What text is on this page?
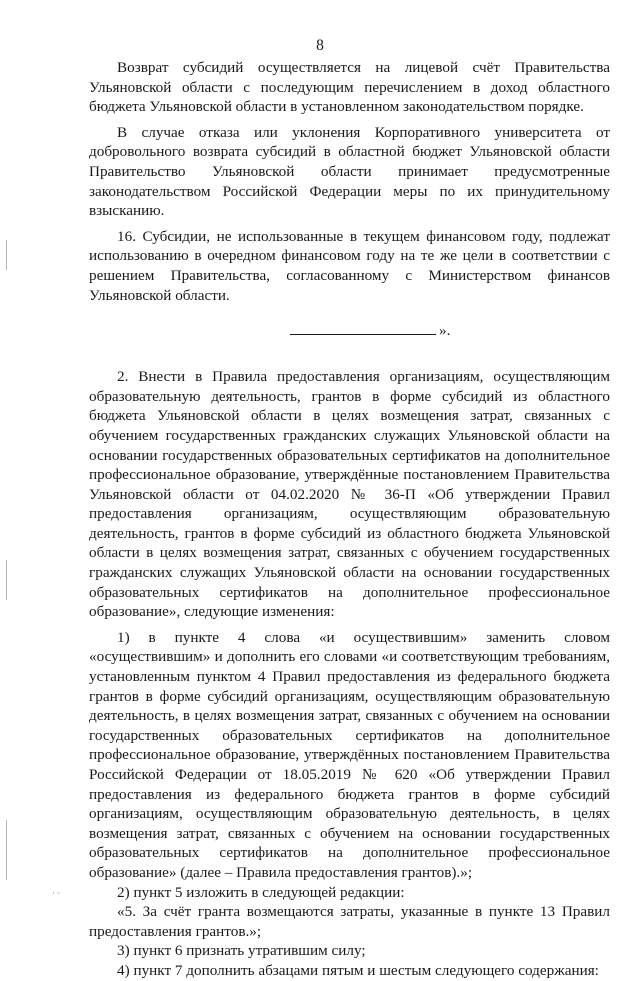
8

Возврат субсидий осуществляется на лицевой счёт Правительства Ульяновской области с последующим перечислением в доход областного бюджета Ульяновской области в установленном законодательством порядке.

В случае отказа или уклонения Корпоративного университета от добровольного возврата субсидий в областной бюджет Ульяновской области Правительство Ульяновской области принимает предусмотренные законодательством Российской Федерации меры по их принудительному взысканию.

16. Субсидии, не использованные в текущем финансовом году, подлежат использованию в очередном финансовом году на те же цели в соответствии с решением Правительства, согласованному с Министерством финансов Ульяновской области.

».

2. Внести в Правила предоставления организациям, осуществляющим образовательную деятельность, грантов в форме субсидий из областного бюджета Ульяновской области в целях возмещения затрат, связанных с обучением государственных гражданских служащих Ульяновской области на основании государственных образовательных сертификатов на дополнительное профессиональное образование, утверждённые постановлением Правительства Ульяновской области от 04.02.2020 № 36-П «Об утверждении Правил предоставления организациям, осуществляющим образовательную деятельность, грантов в форме субсидий из областного бюджета Ульяновской области в целях возмещения затрат, связанных с обучением государственных гражданских служащих Ульяновской области на основании государственных образовательных сертификатов на дополнительное профессиональное образование», следующие изменения:

1) в пункте 4 слова «и осуществившим» заменить словом «осуществившим» и дополнить его словами «и соответствующим требованиям, установленным пунктом 4 Правил предоставления из федерального бюджета грантов в форме субсидий организациям, осуществляющим образовательную деятельность, в целях возмещения затрат, связанных с обучением на основании государственных образовательных сертификатов на дополнительное профессиональное образование, утверждённых постановлением Правительства Российской Федерации от 18.05.2019 № 620 «Об утверждении Правил предоставления из федерального бюджета грантов в форме субсидий организациям, осуществляющим образовательную деятельность, в целях возмещения затрат, связанных с обучением на основании государственных образовательных сертификатов на дополнительное профессиональное образование» (далее – Правила предоставления грантов).»;

2) пункт 5 изложить в следующей редакции:

«5. За счёт гранта возмещаются затраты, указанные в пункте 13 Правил предоставления грантов.»;

3) пункт 6 признать утратившим силу;

4) пункт 7 дополнить абзацами пятым и шестым следующего содержания:

· ·
